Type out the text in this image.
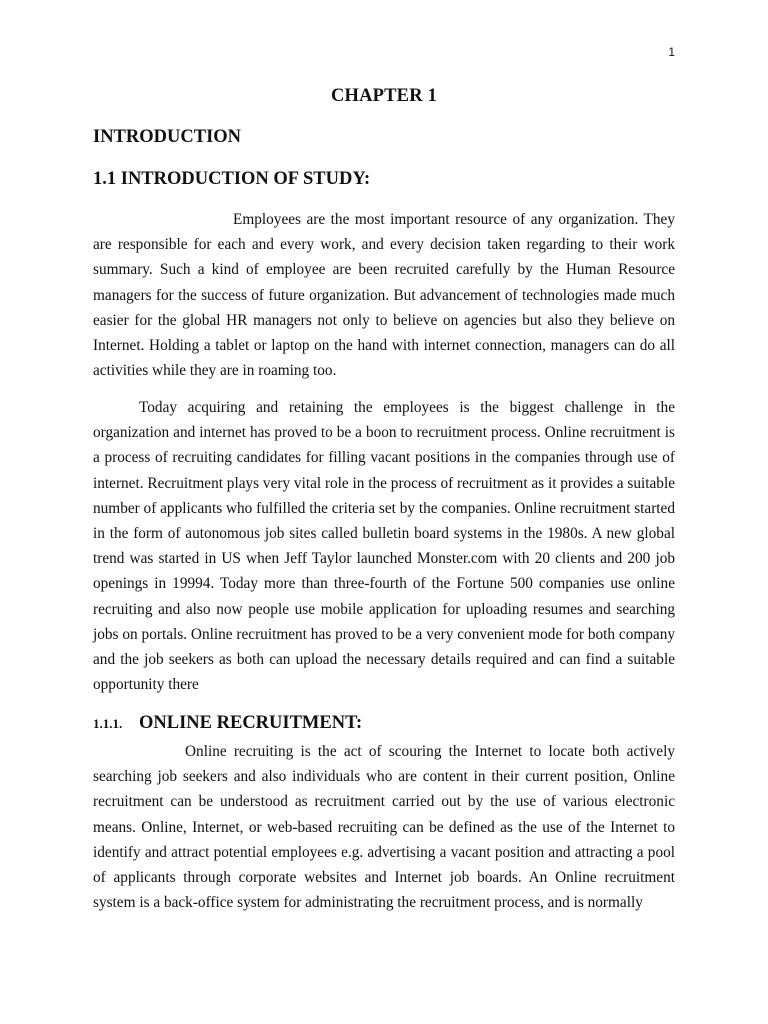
1
CHAPTER 1
INTRODUCTION
1.1 INTRODUCTION OF STUDY:

Employees are the most important resource of any organization. They are responsible for each and every work, and every decision taken regarding to their work summary. Such a kind of employee are been recruited carefully by the Human Resource managers for the success of future organization. But advancement of technologies made much easier for the global HR managers not only to believe on agencies but also they believe on Internet. Holding a tablet or laptop on the hand with internet connection, managers can do all activities while they are in roaming too.

Today acquiring and retaining the employees is the biggest challenge in the organization and internet has proved to be a boon to recruitment process. Online recruitment is a process of recruiting candidates for filling vacant positions in the companies through use of internet. Recruitment plays very vital role in the process of recruitment as it provides a suitable number of applicants who fulfilled the criteria set by the companies. Online recruitment started in the form of autonomous job sites called bulletin board systems in the 1980s. A new global trend was started in US when Jeff Taylor launched Monster.com with 20 clients and 200 job openings in 19994. Today more than three-fourth of the Fortune 500 companies use online recruiting and also now people use mobile application for uploading resumes and searching jobs on portals. Online recruitment has proved to be a very convenient mode for both company and the job seekers as both can upload the necessary details required and can find a suitable opportunity there

1.1.1. ONLINE RECRUITMENT:

Online recruiting is the act of scouring the Internet to locate both actively searching job seekers and also individuals who are content in their current position, Online recruitment can be understood as recruitment carried out by the use of various electronic means. Online, Internet, or web-based recruiting can be defined as the use of the Internet to identify and attract potential employees e.g. advertising a vacant position and attracting a pool of applicants through corporate websites and Internet job boards. An Online recruitment system is a back-office system for administrating the recruitment process, and is normally
